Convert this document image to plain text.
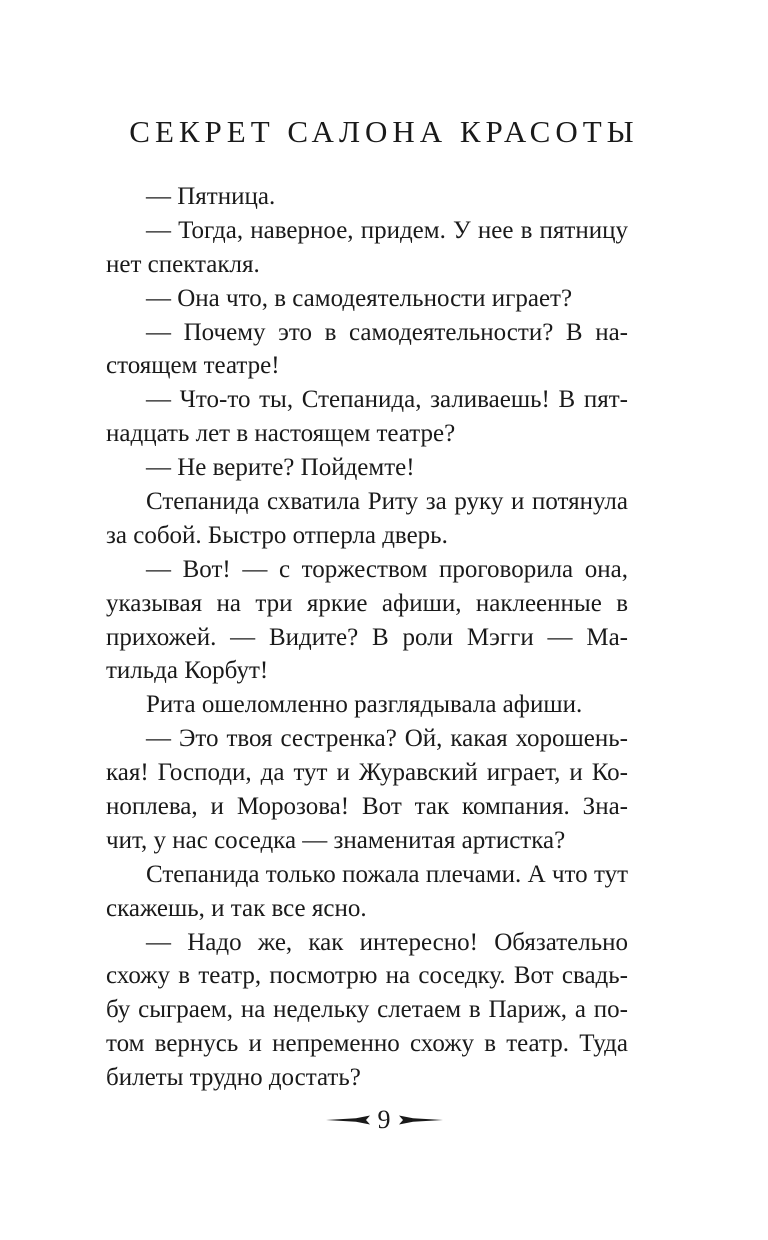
СЕКРЕТ САЛОНА КРАСОТЫ
— Пятница.
— Тогда, наверное, придем. У нее в пятницу
нет спектакля.
— Она что, в самодеятельности играет?
— Почему это в самодеятельности? В на-
стоящем театре!
— Что-то ты, Степанида, заливаешь! В пят-
надцать лет в настоящем театре?
— Не верите? Пойдемте!
Степанида схватила Риту за руку и потянула
за собой. Быстро отперла дверь.
— Вот! — с торжеством проговорила она,
указывая на три яркие афиши, наклеенные в
прихожей. — Видите? В роли Мэгги — Ма-
тильда Корбут!
Рита ошеломленно разглядывала афиши.
— Это твоя сестренка? Ой, какая хорошень-
кая! Господи, да тут и Журавский играет, и Ко-
ноплева, и Морозова! Вот так компания. Зна-
чит, у нас соседка — знаменитая артистка?
Степанида только пожала плечами. А что тут
скажешь, и так все ясно.
— Надо же, как интересно! Обязательно
схожу в театр, посмотрю на соседку. Вот свадь-
бу сыграем, на недельку слетаем в Париж, а по-
том вернусь и непременно схожу в театр. Туда
билеты трудно достать?
9
